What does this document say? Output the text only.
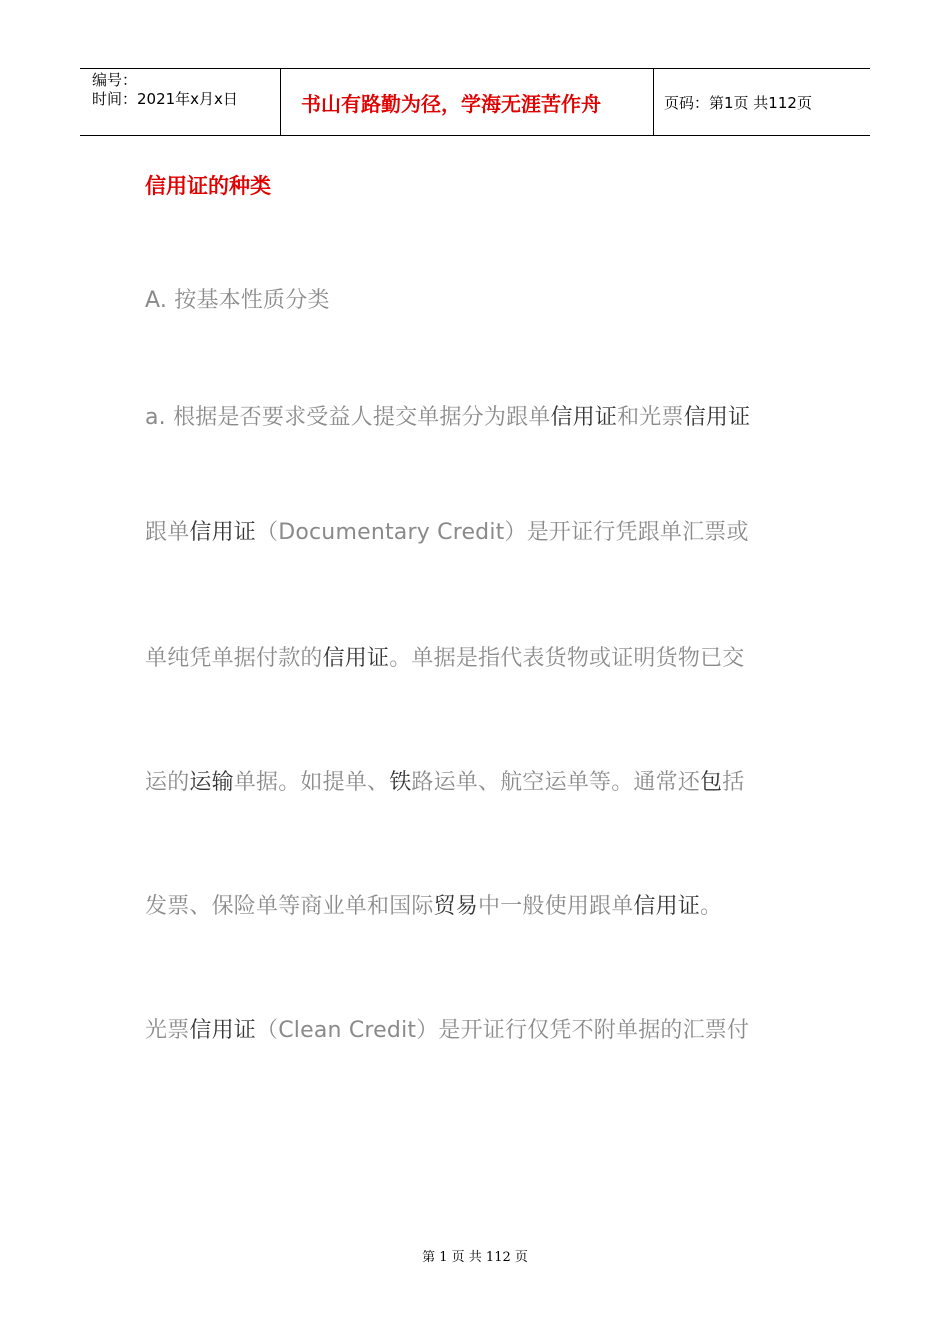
编号：
时间：2021年x月x日	书山有路勤为径，学海无涯苦作舟	页码：第1页 共112页
信用证的种类
A. 按基本性质分类
a. 根据是否要求受益人提交单据分为跟单信用证和光票信用证
跟单信用证（Documentary Credit）是开证行凭跟单汇票或
单纯凭单据付款的信用证。单据是指代表货物或证明货物已交
运的运输单据。如提单、铁路运单、航空运单等。通常还包括
发票、保险单等商业单和国际贸易中一般使用跟单信用证。
光票信用证（Clean Credit）是开证行仅凭不附单据的汇票付
第 1 页 共 112 页
